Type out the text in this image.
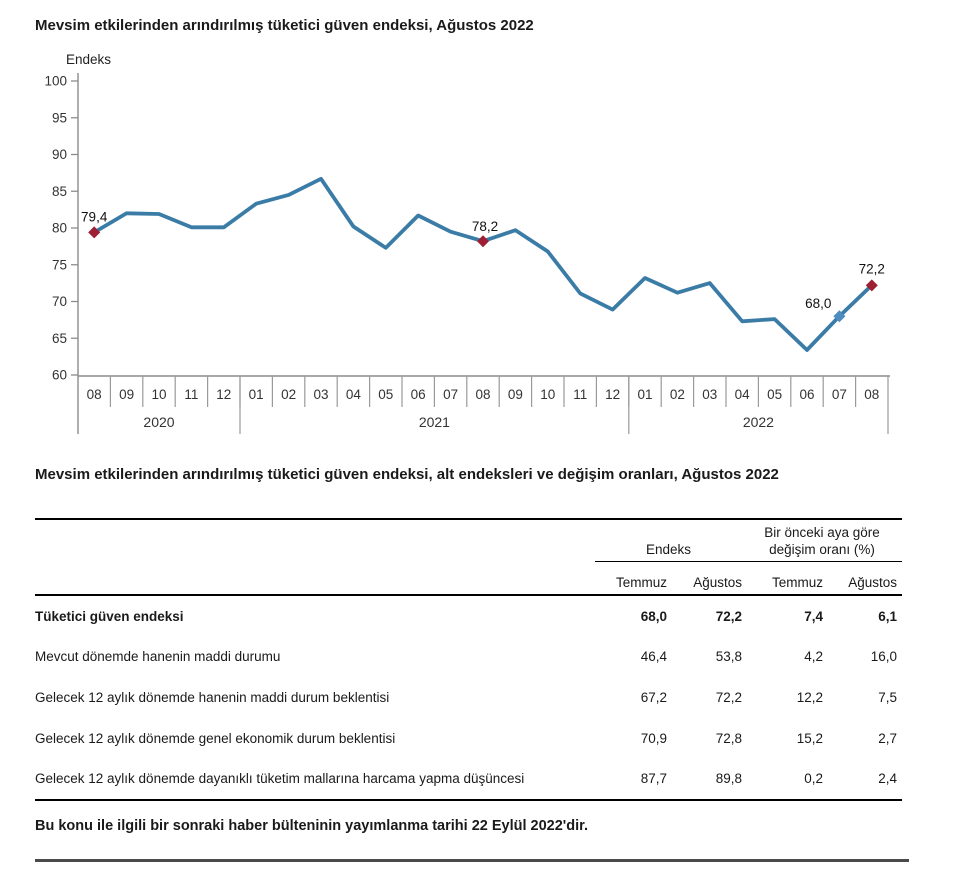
Mevsim etkilerinden arındırılmış tüketici güven endeksi, Ağustos 2022
Endeks
60
65
70
75
80
85
90
95
100
08 09 10 11 12 01 02 03 04 05 06 07 08 09 10 11 12 01 02 03 04 05 06 07 08
2020	2021	2022
79,4
78,2
68,0
72,2
Mevsim etkilerinden arındırılmış tüketici güven endeksi, alt endeksleri ve değişim oranları, Ağustos 2022
Endeks
Bir önceki aya göre değişim oranı (%)
Temmuz	Ağustos	Temmuz	Ağustos
Tüketici güven endeksi	68,0	72,2	7,4	6,1
Mevcut dönemde hanenin maddi durumu	46,4	53,8	4,2	16,0
Gelecek 12 aylık dönemde hanenin maddi durum beklentisi	67,2	72,2	12,2	7,5
Gelecek 12 aylık dönemde genel ekonomik durum beklentisi	70,9	72,8	15,2	2,7
Gelecek 12 aylık dönemde dayanıklı tüketim mallarına harcama yapma düşüncesi	87,7	89,8	0,2	2,4
Bu konu ile ilgili bir sonraki haber bülteninin yayımlanma tarihi 22 Eylül 2022'dir.
